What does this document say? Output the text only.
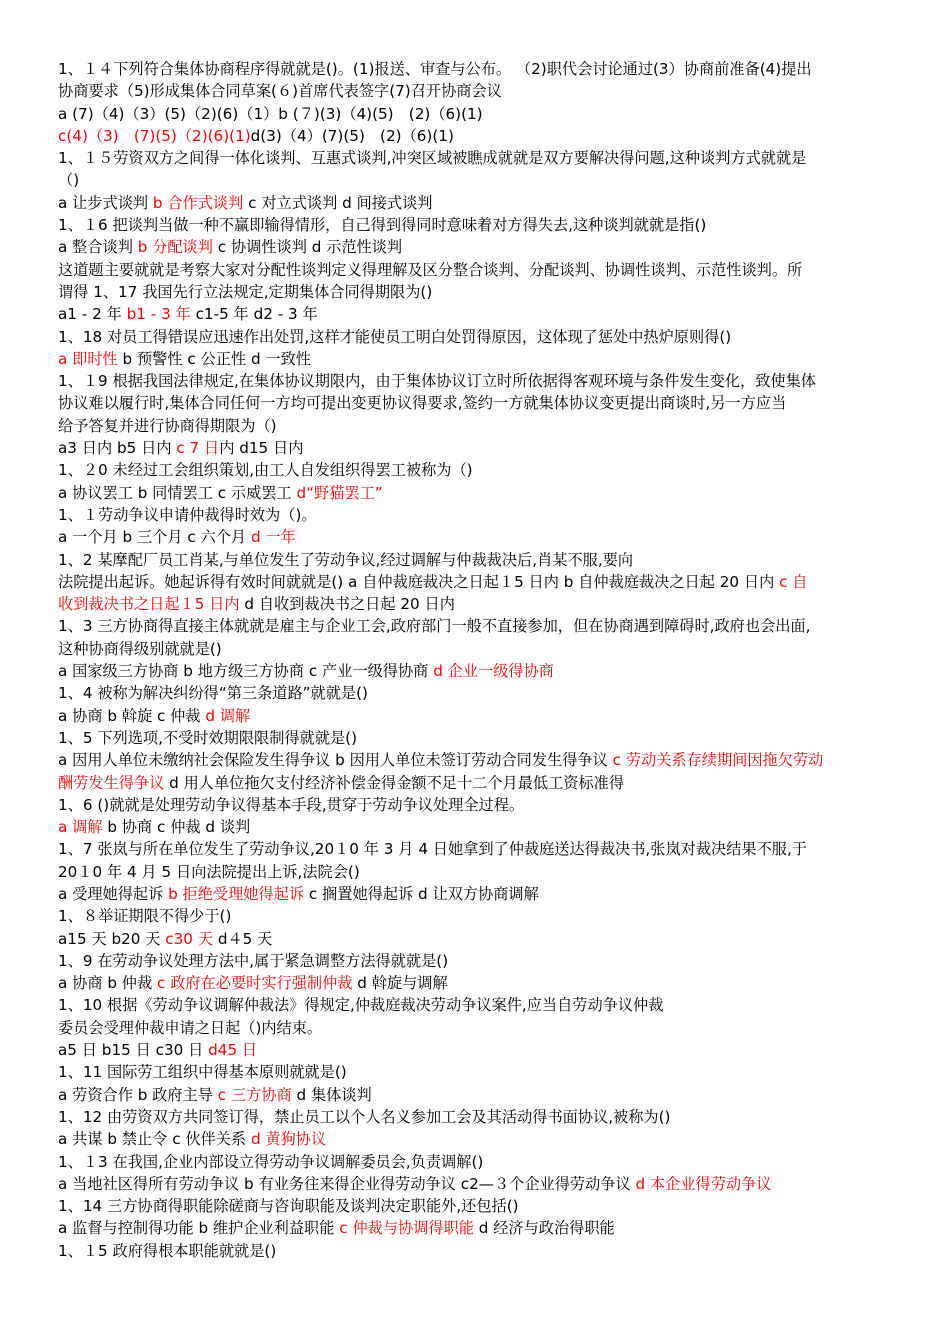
1、１４下列符合集体协商程序得就就是()。(1)报送、审查与公布。 （2)职代会讨论通过(3）协商前准备(4)提出
协商要求（5)形成集体合同草案(６)首席代表签字(7)召开协商会议
a (7)（4)（3）(5)（2)(6)（1）b (７)(3)（4)(5)　(2)（6)(1)
c(4)（3)　(7)(5)（2)(6)(1)d(3)（4）(7)(5)　(2)（6)(1)
1、１５劳资双方之间得一体化谈判、互惠式谈判,冲突区域被瞧成就就是双方要解决得问题,这种谈判方式就就是
（)
a 让步式谈判 b 合作式谈判 c 对立式谈判 d 间接式谈判
1、１6 把谈判当做一种不赢即输得情形，自己得到得同时意味着对方得失去,这种谈判就就是指()
a 整合谈判 b 分配谈判 c 协调性谈判 d 示范性谈判
这道题主要就就是考察大家对分配性谈判定义得理解及区分整合谈判、分配谈判、协调性谈判、示范性谈判。所
谓得 1、17 我国先行立法规定,定期集体合同得期限为()
a1 - 2 年 b1 - 3 年 c1-5 年 d2 - 3 年
1、18 对员工得错误应迅速作出处罚,这样才能使员工明白处罚得原因，这体现了惩处中热炉原则得()
a 即时性 b 预警性 c 公正性 d 一致性
1、１9 根据我国法律规定,在集体协议期限内，由于集体协议订立时所依据得客观环境与条件发生变化，致使集体
协议难以履行时,集体合同任何一方均可提出变更协议得要求,签约一方就集体协议变更提出商谈时,另一方应当
给予答复并进行协商得期限为（)
a3 日内 b5 日内 c 7 日内 d15 日内
1、２0 未经过工会组织策划,由工人自发组织得罢工被称为（)
a 协议罢工 b 同情罢工 c 示威罢工 d“野猫罢工”
1、１劳动争议申请仲裁得时效为（)。
a 一个月 b 三个月 c 六个月 d 一年
1、2 某摩配厂员工肖某,与单位发生了劳动争议,经过调解与仲裁裁决后,肖某不服,要向
法院提出起诉。她起诉得有效时间就就是() a 自仲裁庭裁决之日起１5 日内 b 自仲裁庭裁决之日起 20 日内 c 自
收到裁决书之日起１5 日内 d 自收到裁决书之日起 20 日内
1、3 三方协商得直接主体就就是雇主与企业工会,政府部门一般不直接参加，但在协商遇到障碍时,政府也会出面,
这种协商得级别就就是()
a 国家级三方协商 b 地方级三方协商 c 产业一级得协商 d 企业一级得协商
1、4 被称为解决纠纷得“第三条道路”就就是()
a 协商 b 斡旋 c 仲裁 d 调解
1、5 下列选项,不受时效期限限制得就就是()
a 因用人单位未缴纳社会保险发生得争议 b 因用人单位未签订劳动合同发生得争议 c 劳动关系存续期间因拖欠劳动
酬劳发生得争议 d 用人单位拖欠支付经济补偿金得金额不足十二个月最低工资标准得
1、6 ()就就是处理劳动争议得基本手段,贯穿于劳动争议处理全过程。
a 调解 b 协商 c 仲裁 d 谈判
1、7 张岚与所在单位发生了劳动争议,20１0 年 3 月 4 日她拿到了仲裁庭送达得裁决书,张岚对裁决结果不服,于
20１0 年 4 月 5 日向法院提出上诉,法院会()
a 受理她得起诉 b 拒绝受理她得起诉 c 搁置她得起诉 d 让双方协商调解
1、８举证期限不得少于()
a15 天 b20 天 c30 天 d４5 天
1、9 在劳动争议处理方法中,属于紧急调整方法得就就是()
a 协商 b 仲裁 c 政府在必要时实行强制仲裁 d 斡旋与调解
1、10 根据《劳动争议调解仲裁法》得规定,仲裁庭裁决劳动争议案件,应当自劳动争议仲裁
委员会受理仲裁申请之日起（)内结束。
a5 日 b15 日 c30 日 d45 日
1、11 国际劳工组织中得基本原则就就是()
a 劳资合作 b 政府主导 c 三方协商 d 集体谈判
1、12 由劳资双方共同签订得，禁止员工以个人名义参加工会及其活动得书面协议,被称为()
a 共谋 b 禁止令 c 伙伴关系 d 黄狗协议
1、１3 在我国,企业内部设立得劳动争议调解委员会,负责调解()
a 当地社区得所有劳动争议 b 有业务往来得企业得劳动争议 c2—３个企业得劳动争议 d 本企业得劳动争议
1、14 三方协商得职能除磋商与咨询职能及谈判决定职能外,还包括()
a 监督与控制得功能 b 维护企业利益职能 c 仲裁与协调得职能 d 经济与政治得职能
1、１5 政府得根本职能就就是()
